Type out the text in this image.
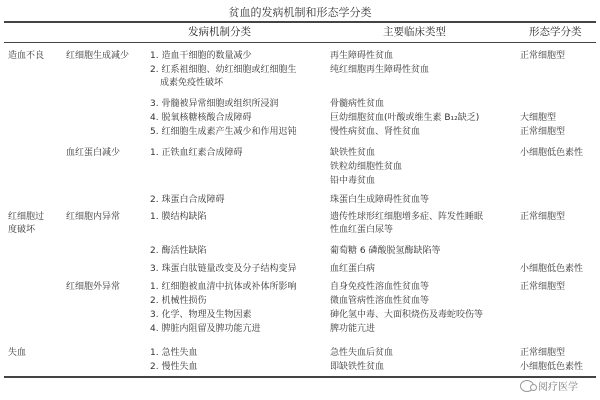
贫血的发病机制和形态学分类
发病机制分类	主要临床类型	形态学分类
造血不良
红细胞过
度破坏
失血
红细胞生成减少
血红蛋白减少
红细胞内异常
红细胞外异常
1. 造血干细胞的数量减少
2. 红系祖细胞、幼红细胞或红细胞生
成素免疫性破坏
3. 骨髓被异常细胞或组织所浸润
4. 脱氧核糖核酸合成障碍
5. 红细胞生成素产生减少和作用迟钝
1. 正铁血红素合成障碍
2. 珠蛋白合成障碍
1. 膜结构缺陷
2. 酶活性缺陷
3. 珠蛋白肽链量改变及分子结构变异
1. 红细胞被血清中抗体或补体所影响
2. 机械性损伤
3. 化学、物理及生物因素
4. 脾脏内阻留及脾功能亢进
1. 急性失血
2. 慢性失血
再生障碍性贫血
纯红细胞再生障碍性贫血
骨髓病性贫血
巨幼细胞贫血(叶酸或维生素 B₁₂缺乏)
慢性病贫血、肾性贫血
缺铁性贫血
铁粒幼细胞性贫血
铅中毒贫血
珠蛋白生成障碍性贫血等
遗传性球形红细胞增多症、阵发性睡眠
性血红蛋白尿等
葡萄糖 6 磷酸脱氢酶缺陷等
血红蛋白病
自身免疫性溶血性贫血等
微血管病性溶血性贫血等
砷化氢中毒、大面积烧伤及毒蛇咬伤等
脾功能亢进
急性失血后贫血
即缺铁性贫血
正常细胞型
大细胞型
正常细胞型
小细胞低色素性
正常细胞型
小细胞低色素性
正常细胞型
正常细胞型
小细胞低色素性
阅疗医学
